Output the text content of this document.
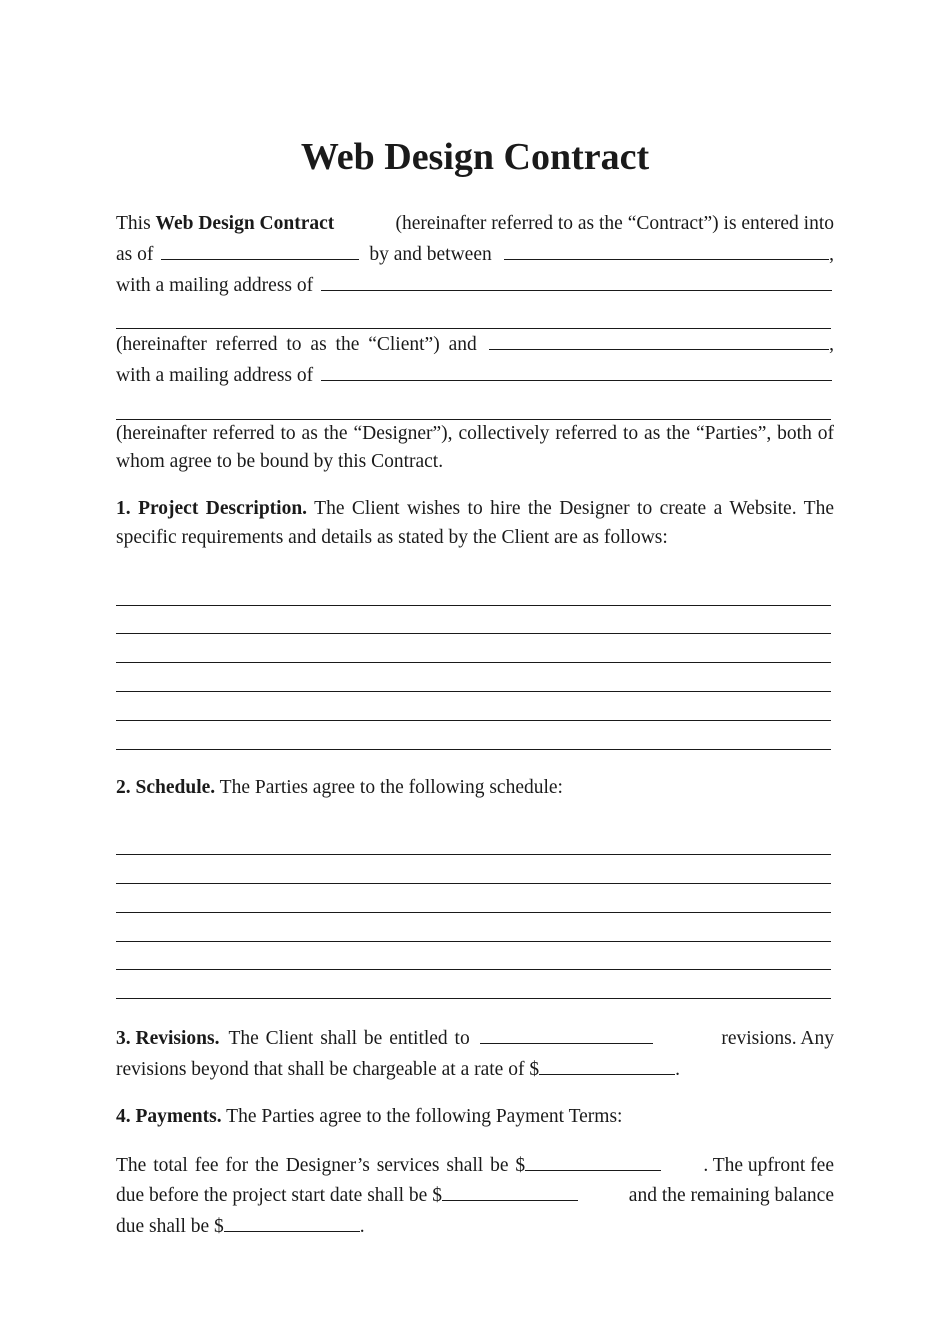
Web Design Contract
This Web Design Contract	(hereinafter referred to as the “Contract”) is entered into
as of	by and between	,
with a mailing address of
(hereinafter referred to as the “Client”) and	,
with a mailing address of

(hereinafter referred to as the “Designer”), collectively referred to as the “Parties”, both of whom agree to be bound by this Contract.

1. Project Description. The Client wishes to hire the Designer to create a Website. The specific requirements and details as stated by the Client are as follows:

2. Schedule. The Parties agree to the following schedule:

3. Revisions. The Client shall be entitled to	revisions. Any
revisions beyond that shall be chargeable at a rate of $	.

4. Payments. The Parties agree to the following Payment Terms:

The total fee for the Designer’s services shall be $	. The upfront fee
due before the project start date shall be $	and the remaining balance
due shall be $	.
